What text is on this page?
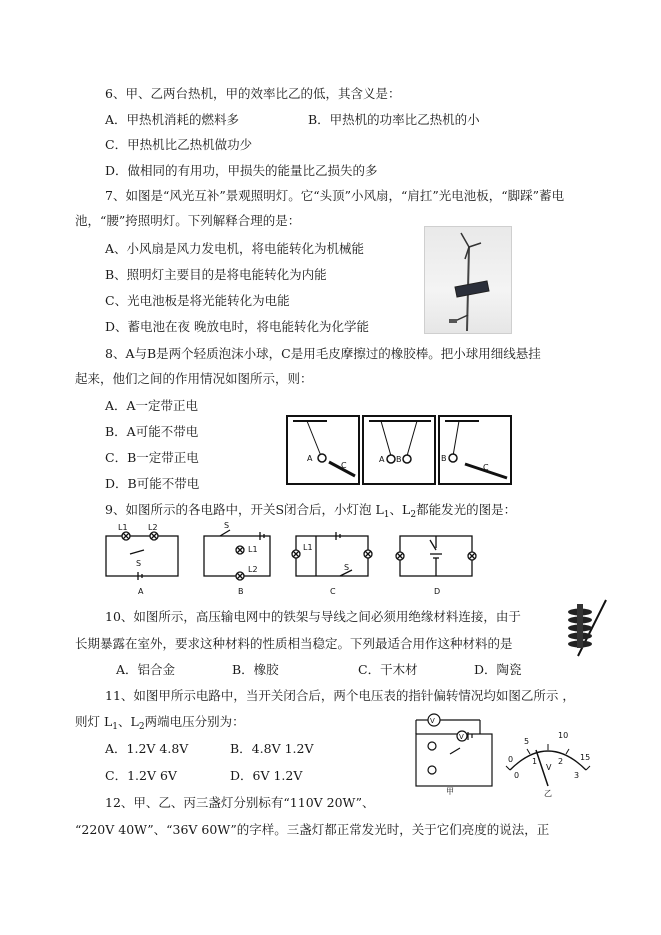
6、甲、乙两台热机，甲的效率比乙的低，其含义是：
A．甲热机消耗的燃料多	B．甲热机的功率比乙热机的小
C．甲热机比乙热机做功少
D．做相同的有用功，甲损失的能量比乙损失的多
7、如图是“风光互补”景观照明灯。它“头顶”小风扇，“肩扛”光电池板，“脚踩”蓄电
池，“腰”挎照明灯。下列解释合理的是：
A、小风扇是风力发电机，将电能转化为机械能
B、照明灯主要目的是将电能转化为内能
C、光电池板是将光能转化为电能
D、蓄电池在夜 晚放电时，将电能转化为化学能
8、A与B是两个轻质泡沫小球，C是用毛皮摩擦过的橡胶棒。把小球用细线悬挂
起来，他们之间的作用情况如图所示，则：
A．A一定带正电
B．A可能不带电
C．B一定带正电
D．B可能不带电
A
C
A B	B
C
9、如图所示的各电路中，开关S闭合后，小灯泡 $L_1$、$L_2$都能发光的图是：
L1	L2
S
A
S
L1
L2
B
L1
S
C	D
10、如图所示，高压输电网中的铁架与导线之间必须用绝缘材料连接，由于
长期暴露在室外，要求这种材料的性质相当稳定。下列最适合用作这种材料的是
A．铝合金	B．橡胶	C．干木材	D．陶瓷
11、如图甲所示电路中，当开关闭合后，两个电压表的指针偏转情况均如图乙所示 ，
则灯 $L_1$、$L_2$两端电压分别为：
A．1.2V 4.8V	B．4.8V 1.2V
C．1.2V 6V	D．6V 1.2V
V
V
甲
0
5
10
15
0
1	2
3
V
乙
12、甲、乙、丙三盏灯分别标有“110V 20W”、
“220V 40W”、“36V 60W”的字样。三盏灯都正常发光时，关于它们亮度的说法，正
